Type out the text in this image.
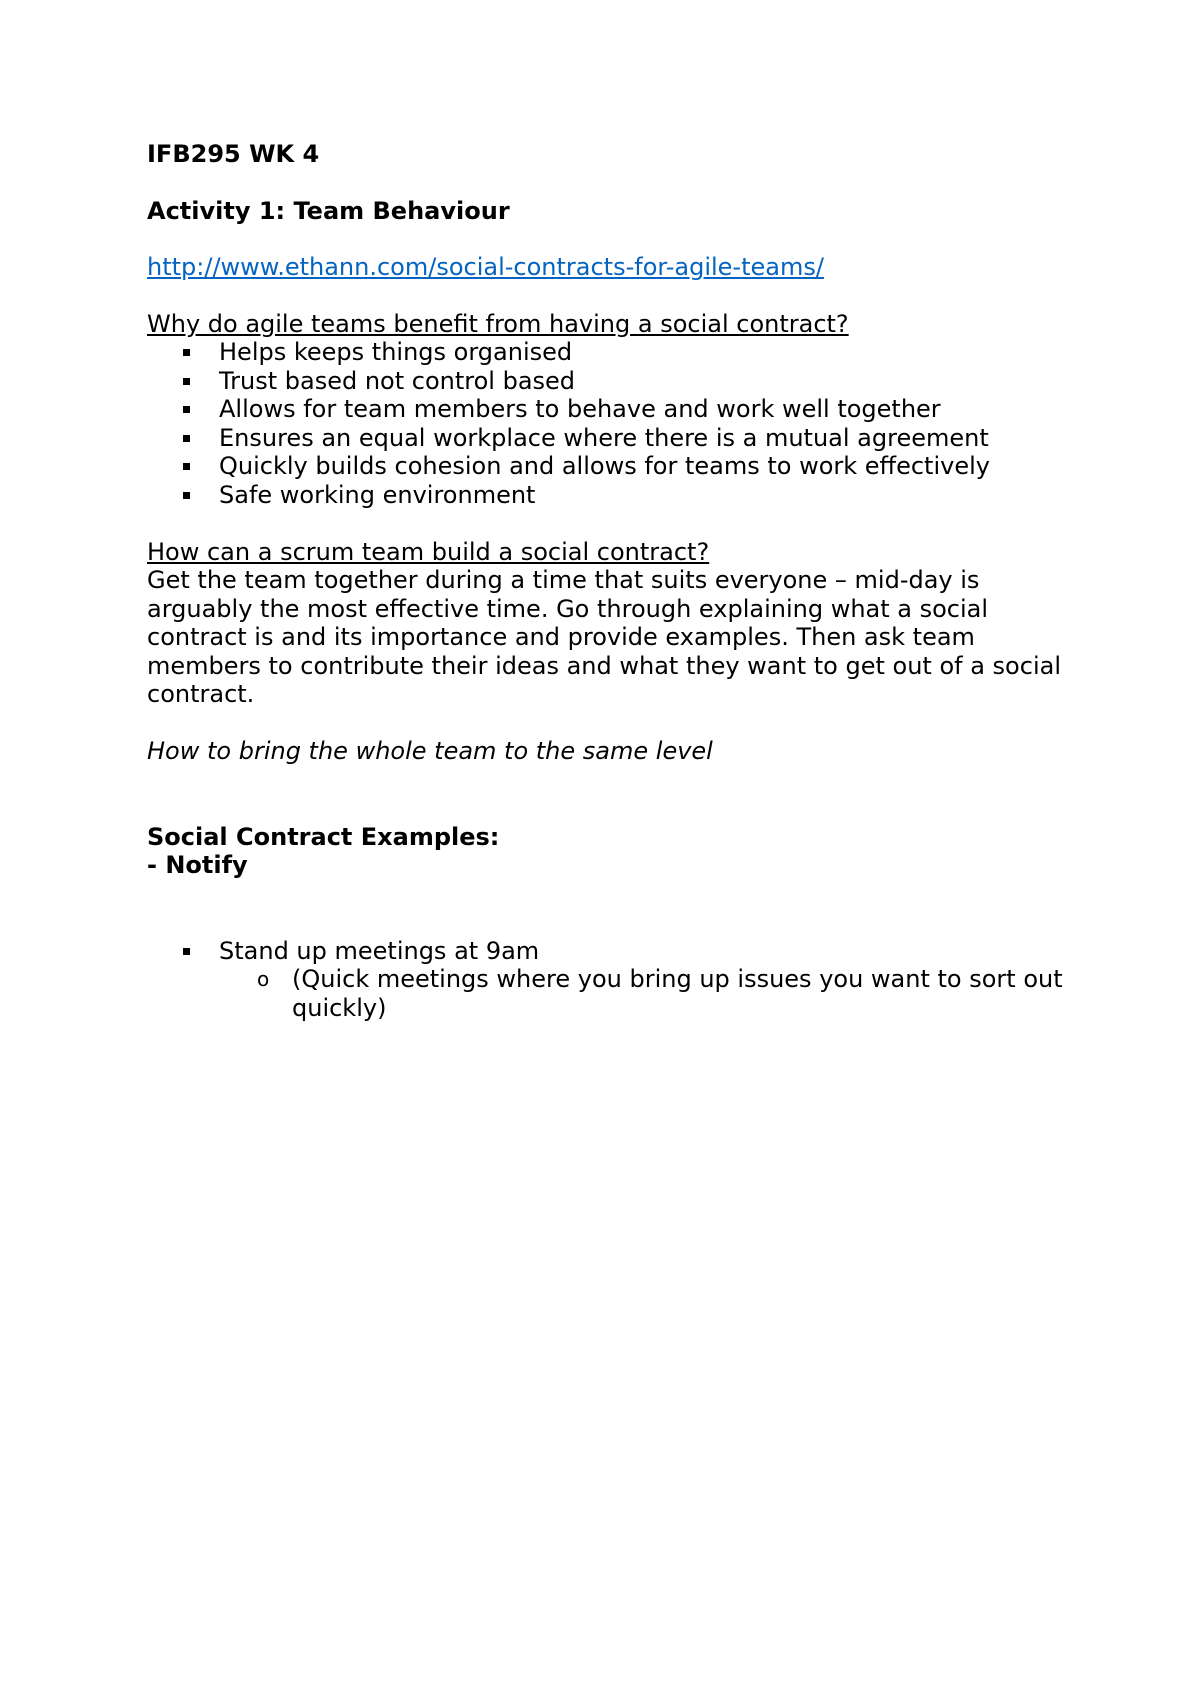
IFB295 WK 4

Activity 1: Team Behaviour

http://www.ethann.com/social-contracts-for-agile-teams/

Why do agile teams benefit from having a social contract?

Helps keeps things organised
Trust based not control based
Allows for team members to behave and work well together
Ensures an equal workplace where there is a mutual agreement
Quickly builds cohesion and allows for teams to work effectively
Safe working environment

How can a scrum team build a social contract?

Get the team together during a time that suits everyone – mid-day is arguably the most effective time. Go through explaining what a social contract is and its importance and provide examples. Then ask team members to contribute their ideas and what they want to get out of a social contract.

How to bring the whole team to the same level

Social Contract Examples:

- Notify

Stand up meetings at 9am
o (Quick meetings where you bring up issues you want to sort out quickly)
